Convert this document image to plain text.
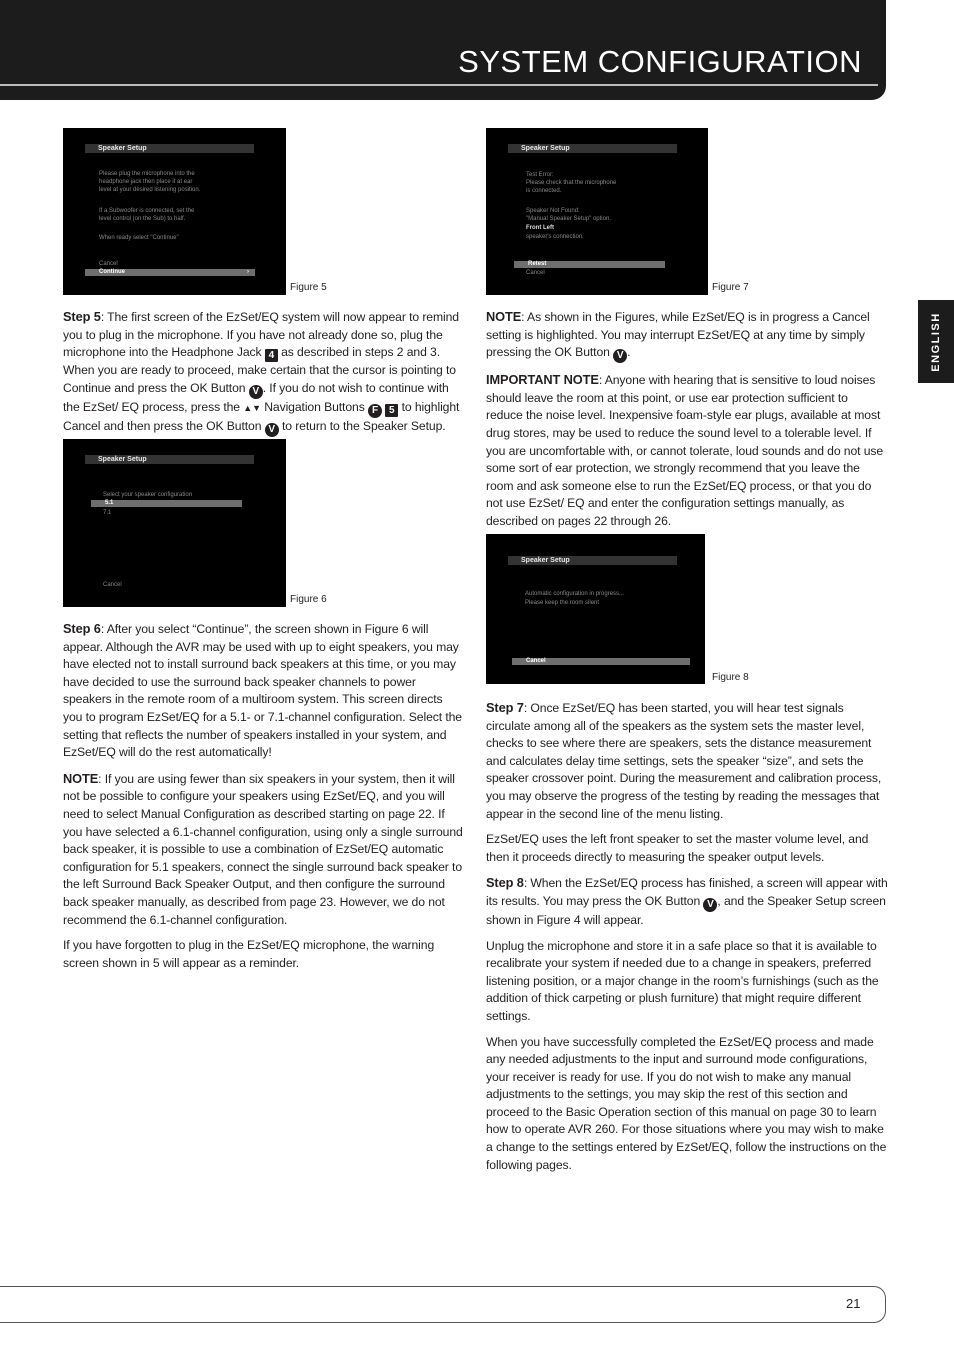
SYSTEM CONFIGURATION
ENGLISH
Speaker Setup
Please plug the microphone into the
headphone jack then place it at ear
level at your desired listening position.
If a Subwoofer is connected, set the
level control (on the Sub) to half.
When ready select "Continue"
Cancel
Continue	›
Figure 5

Step 5: The first screen of the EzSet/EQ system will now appear to remind you to plug in the microphone. If you have not already done so, plug the microphone into the Headphone Jack 4 as described in steps 2 and 3. When you are ready to proceed, make certain that the cursor is pointing to Continue and press the OK Button V . If you do not wish to continue with the EzSet/ EQ process, press the ▲▼ Navigation Buttons F 5 to highlight Cancel and then press the OK Button V to return to the Speaker Setup.

Speaker Setup
Select your speaker configuration
5.1
7.1
Cancel
Figure 6

Step 6: After you select “Continue”, the screen shown in Figure 6 will appear. Although the AVR may be used with up to eight speakers, you may have elected not to install surround back speakers at this time, or you may have decided to use the surround back speaker channels to power speakers in the remote room of a multiroom system. This screen directs you to program EzSet/EQ for a 5.1- or 7.1-channel configuration. Select the setting that reflects the number of speakers installed in your system, and EzSet/EQ will do the rest automatically!

NOTE: If you are using fewer than six speakers in your system, then it will not be possible to configure your speakers using EzSet/EQ, and you will need to select Manual Configuration as described starting on page 22. If you have selected a 6.1-channel configuration, using only a single surround back speaker, it is possible to use a combination of EzSet/EQ automatic configuration for 5.1 speakers, connect the single surround back speaker to the left Surround Back Speaker Output, and then configure the surround back speaker manually, as described from page 23. However, we do not recommend the 6.1-channel configuration.

If you have forgotten to plug in the EzSet/EQ microphone, the warning screen shown in 5 will appear as a reminder.

Speaker Setup
Test Error:
Please check that the microphone
is connected.
Speaker Not Found:
"Manual Speaker Setup" option.
Front Left
speaker's connection.
Retest
Cancel
Figure 7

NOTE: As shown in the Figures, while EzSet/EQ is in progress a Cancel setting is highlighted. You may interrupt EzSet/EQ at any time by simply pressing the OK Button V .

IMPORTANT NOTE: Anyone with hearing that is sensitive to loud noises should leave the room at this point, or use ear protection sufficient to reduce the noise level. Inexpensive foam-style ear plugs, available at most drug stores, may be used to reduce the sound level to a tolerable level. If you are uncomfortable with, or cannot tolerate, loud sounds and do not use some sort of ear protection, we strongly recommend that you leave the room and ask someone else to run the EzSet/EQ process, or that you do not use EzSet/ EQ and enter the configuration settings manually, as described on pages 22 through 26.

Speaker Setup
Automatic configuration in progress...
Please keep the room silent
Cancel
Figure 8

Step 7: Once EzSet/EQ has been started, you will hear test signals circulate among all of the speakers as the system sets the master level, checks to see where there are speakers, sets the distance measurement and calculates delay time settings, sets the speaker “size”, and sets the speaker crossover point. During the measurement and calibration process, you may observe the progress of the testing by reading the messages that appear in the second line of the menu listing.

EzSet/EQ uses the left front speaker to set the master volume level, and then it proceeds directly to measuring the speaker output levels.

Step 8: When the EzSet/EQ process has finished, a screen will appear with its results. You may press the OK Button V , and the Speaker Setup screen shown in Figure 4 will appear.

Unplug the microphone and store it in a safe place so that it is available to recalibrate your system if needed due to a change in speakers, preferred listening position, or a major change in the room’s furnishings (such as the addition of thick carpeting or plush furniture) that might require different settings.

When you have successfully completed the EzSet/EQ process and made any needed adjustments to the input and surround mode configurations, your receiver is ready for use. If you do not wish to make any manual adjustments to the settings, you may skip the rest of this section and proceed to the Basic Operation section of this manual on page 30 to learn how to operate AVR 260. For those situations where you may wish to make a change to the settings entered by EzSet/EQ, follow the instructions on the following pages.

21
